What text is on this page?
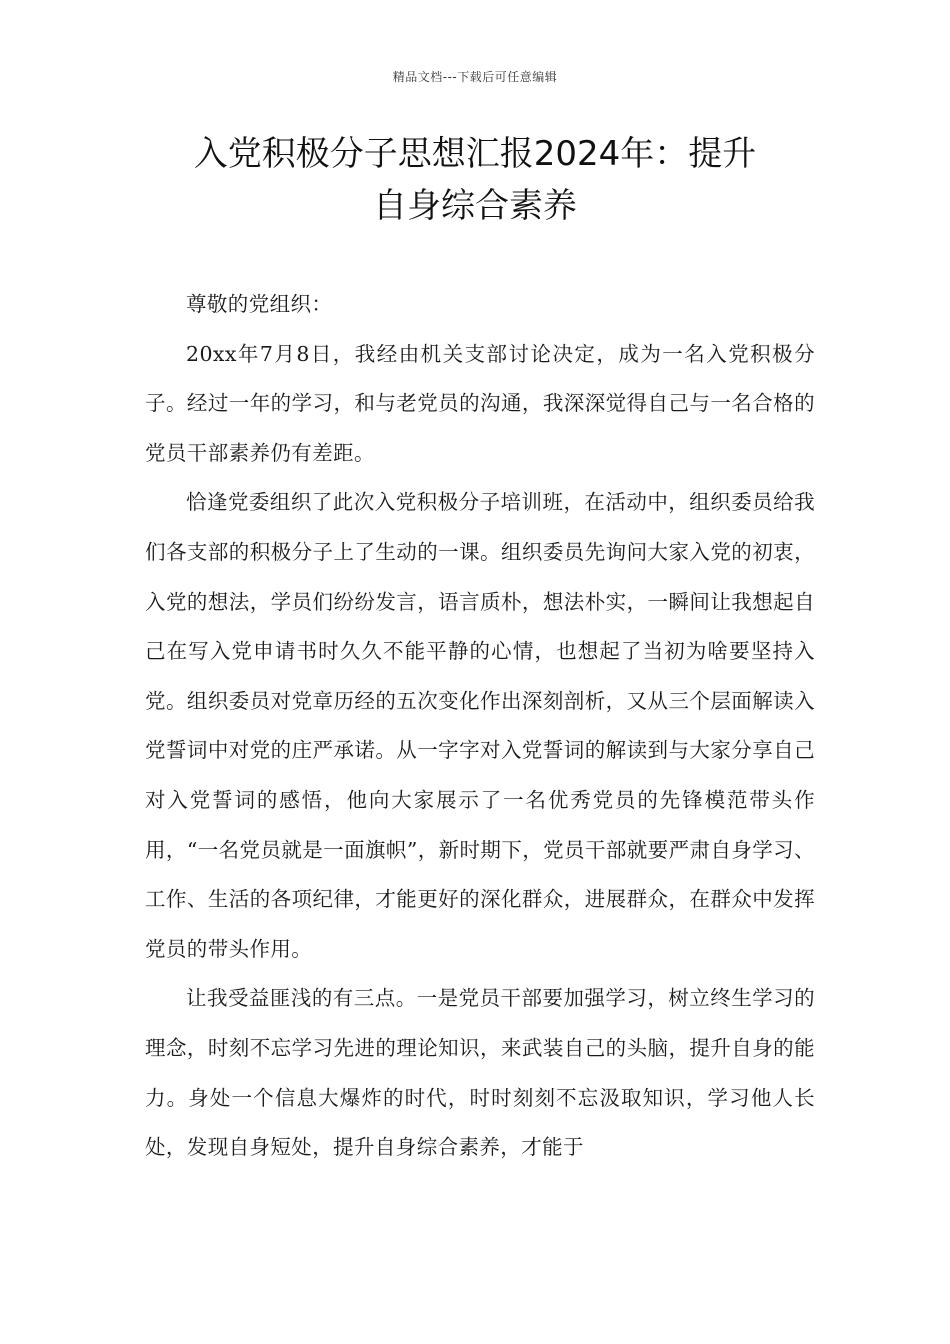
精品文档---下载后可任意编辑
入党积极分子思想汇报2024年：提升
自身综合素养

尊敬的党组织：

20xx年7月8日，我经由机关支部讨论决定，成为一名入党积极分子。经过一年的学习，和与老党员的沟通，我深深觉得自己与一名合格的党员干部素养仍有差距。

恰逢党委组织了此次入党积极分子培训班，在活动中，组织委员给我们各支部的积极分子上了生动的一课。组织委员先询问大家入党的初衷，入党的想法，学员们纷纷发言，语言质朴，想法朴实，一瞬间让我想起自己在写入党申请书时久久不能平静的心情，也想起了当初为啥要坚持入党。组织委员对党章历经的五次变化作出深刻剖析，又从三个层面解读入党誓词中对党的庄严承诺。从一字字对入党誓词的解读到与大家分享自己对入党誓词的感悟，他向大家展示了一名优秀党员的先锋模范带头作用，“一名党员就是一面旗帜”，新时期下，党员干部就要严肃自身学习、工作、生活的各项纪律，才能更好的深化群众，进展群众，在群众中发挥党员的带头作用。

让我受益匪浅的有三点。一是党员干部要加强学习，树立终生学习的理念，时刻不忘学习先进的理论知识，来武装自己的头脑，提升自身的能力。身处一个信息大爆炸的时代，时时刻刻不忘汲取知识，学习他人长处，发现自身短处，提升自身综合素养，才能于
